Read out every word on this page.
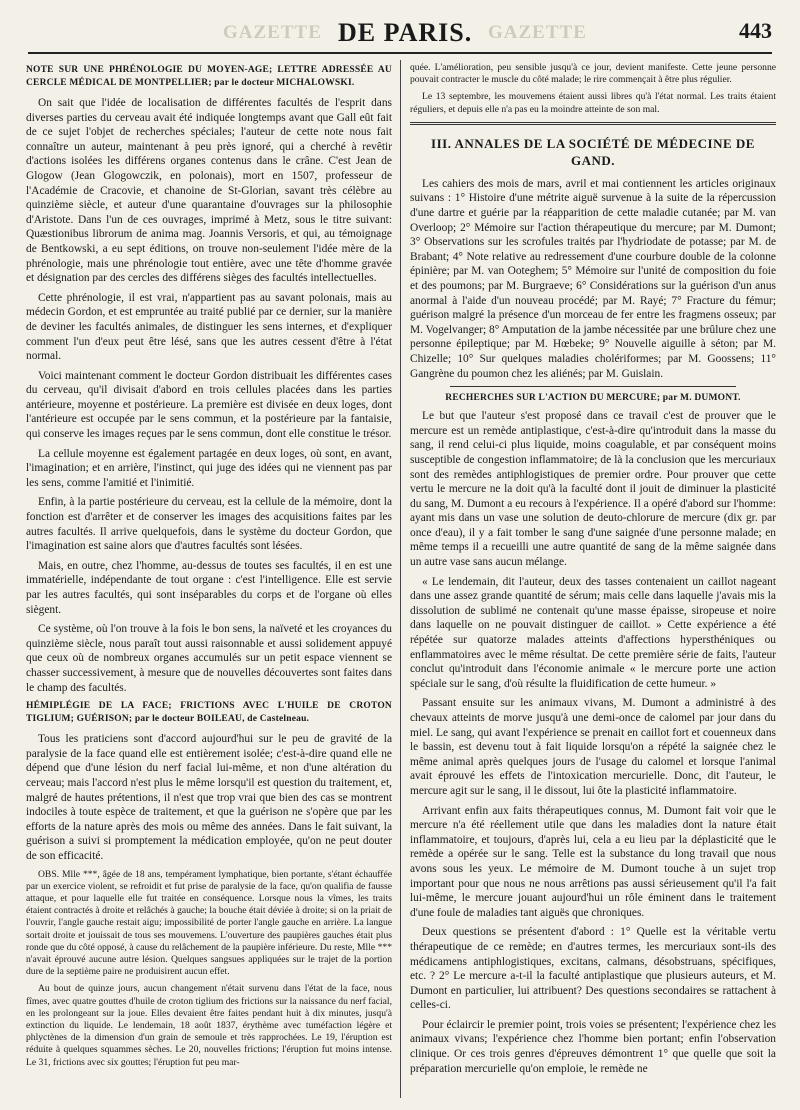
GAZETTE DE PARIS. GAZETTE	443
NOTE SUR UNE PHRÉNOLOGIE DU MOYEN-AGE; LETTRE ADRESSÉE AU CERCLE MÉDICAL DE MONTPELLIER; par le docteur MICHALOWSKI.

On sait que l'idée de localisation de différentes facultés de l'esprit dans diverses parties du cerveau avait été indiquée longtemps avant que Gall eût fait de ce sujet l'objet de recherches spéciales; l'auteur de cette note nous fait connaître un auteur, maintenant à peu près ignoré, qui a cherché à revêtir d'actions isolées les différens organes contenus dans le crâne. C'est Jean de Glogow (Jean Glogowczik, en polonais), mort en 1507, professeur de l'Académie de Cracovie, et chanoine de St-Glorian, savant très célèbre au quinzième siècle, et auteur d'une quarantaine d'ouvrages sur la philosophie d'Aristote. Dans l'un de ces ouvrages, imprimé à Metz, sous le titre suivant: Quæstionibus librorum de anima mag. Joannis Versoris, et qui, au témoignage de Bentkowski, a eu sept éditions, on trouve non-seulement l'idée mère de la phrénologie, mais une phrénologie tout entière, avec une tête d'homme gravée et désignation par des cercles des différens sièges des facultés intellectuelles.

Cette phrénologie, il est vrai, n'appartient pas au savant polonais, mais au médecin Gordon, et est empruntée au traité publié par ce dernier, sur la manière de deviner les facultés animales, de distinguer les sens internes, et d'expliquer comment l'un d'eux peut être lésé, sans que les autres cessent d'être à l'état normal.

Voici maintenant comment le docteur Gordon distribuait les différentes cases du cerveau, qu'il divisait d'abord en trois cellules placées dans les parties antérieure, moyenne et postérieure. La première est divisée en deux loges, dont l'antérieure est occupée par le sens commun, et la postérieure par la fantaisie, qui conserve les images reçues par le sens commun, dont elle constitue le trésor.

La cellule moyenne est également partagée en deux loges, où sont, en avant, l'imagination; et en arrière, l'instinct, qui juge des idées qui ne viennent pas par les sens, comme l'amitié et l'inimitié.

Enfin, à la partie postérieure du cerveau, est la cellule de la mémoire, dont la fonction est d'arrêter et de conserver les images des acquisitions faites par les autres facultés. Il arrive quelquefois, dans le système du docteur Gordon, que l'imagination est saine alors que d'autres facultés sont lésées.

Mais, en outre, chez l'homme, au-dessus de toutes ses facultés, il en est une immatérielle, indépendante de tout organe : c'est l'intelligence. Elle est servie par les autres facultés, qui sont inséparables du corps et de l'organe où elles siègent.

Ce système, où l'on trouve à la fois le bon sens, la naïveté et les croyances du quinzième siècle, nous paraît tout aussi raisonnable et aussi solidement appuyé que ceux où de nombreux organes accumulés sur un petit espace viennent se chasser successivement, à mesure que de nouvelles découvertes sont faites dans le champ des facultés.

HÉMIPLÉGIE DE LA FACE; FRICTIONS AVEC L'HUILE DE CROTON TIGLIUM; GUÉRISON; par le docteur BOILEAU, de Castelneau.

Tous les praticiens sont d'accord aujourd'hui sur le peu de gravité de la paralysie de la face quand elle est entièrement isolée; c'est-à-dire quand elle ne dépend que d'une lésion du nerf facial lui-même, et non d'une altération du cerveau; mais l'accord n'est plus le même lorsqu'il est question du traitement, et, malgré de hautes prétentions, il n'est que trop vrai que bien des cas se montrent indociles à toute espèce de traitement, et que la guérison ne s'opère que par les efforts de la nature après des mois ou même des années. Dans le fait suivant, la guérison a suivi si promptement la médication employée, qu'on ne peut douter de son efficacité.

OBS. Mlle ***, âgée de 18 ans, tempérament lymphatique, bien portante, s'étant échauffée par un exercice violent, se refroidit et fut prise de paralysie de la face, qu'on qualifia de fausse attaque, et pour laquelle elle fut traitée en conséquence. Lorsque nous la vîmes, les traits étaient contractés à droite et relâchés à gauche; la bouche était déviée à droite; si on la priait de l'ouvrir, l'angle gauche restait aigu; impossibilité de porter l'angle gauche en arrière. La langue sortait droite et jouissait de tous ses mouvemens. L'ouverture des paupières gauches était plus ronde que du côté opposé, à cause du relâchement de la paupière inférieure. Du reste, Mlle *** n'avait éprouvé aucune autre lésion. Quelques sangsues appliquées sur le trajet de la portion dure de la septième paire ne produisirent aucun effet.

Au bout de quinze jours, aucun changement n'était survenu dans l'état de la face, nous fîmes, avec quatre gouttes d'huile de croton tiglium des frictions sur la naissance du nerf facial, en les prolongeant sur la joue. Elles devaient être faites pendant huit à dix minutes, jusqu'à extinction du liquide. Le lendemain, 18 août 1837, érythème avec tuméfaction légère et phlyctènes de la dimension d'un grain de semoule et très rapprochées. Le 19, l'éruption est réduite à quelques squammes sèches. Le 20, nouvelles frictions; l'éruption fut moins intense. Le 31, frictions avec six gouttes; l'éruption fut peu mar-

quée. L'amélioration, peu sensible jusqu'à ce jour, devient manifeste. Cette jeune personne pouvait contracter le muscle du côté malade; le rire commençait à être plus régulier.

Le 13 septembre, les mouvemens étaient aussi libres qu'à l'état normal. Les traits étaient réguliers, et depuis elle n'a pas eu la moindre atteinte de son mal.

III. ANNALES DE LA SOCIÉTÉ DE MÉDECINE DE GAND.

Les cahiers des mois de mars, avril et mai contiennent les articles originaux suivans : 1° Histoire d'une métrite aiguë survenue à la suite de la répercussion d'une dartre et guérie par la réapparition de cette maladie cutanée; par M. van Overloop; 2° Mémoire sur l'action thérapeutique du mercure; par M. Dumont; 3° Observations sur les scrofules traités par l'hydriodate de potasse; par M. de Brabant; 4° Note relative au redressement d'une courbure double de la colonne épinière; par M. van Ooteghem; 5° Mémoire sur l'unité de composition du foie et des poumons; par M. Burgraeve; 6° Considérations sur la guérison d'un anus anormal à l'aide d'un nouveau procédé; par M. Rayé; 7° Fracture du fémur; guérison malgré la présence d'un morceau de fer entre les fragmens osseux; par M. Vogelvanger; 8° Amputation de la jambe nécessitée par une brûlure chez une personne épileptique; par M. Hœbeke; 9° Nouvelle aiguille à séton; par M. Chizelle; 10° Sur quelques maladies cholériformes; par M. Goossens; 11° Gangrène du poumon chez les aliénés; par M. Guislain.

RECHERCHES SUR L'ACTION DU MERCURE; par M. DUMONT.

Le but que l'auteur s'est proposé dans ce travail c'est de prouver que le mercure est un remède antiplastique, c'est-à-dire qu'introduit dans la masse du sang, il rend celui-ci plus liquide, moins coagulable, et par conséquent moins susceptible de congestion inflammatoire; de là la conclusion que les mercuriaux sont des remèdes antiphlogistiques de premier ordre. Pour prouver que cette vertu le mercure ne la doit qu'à la faculté dont il jouit de diminuer la plasticité du sang, M. Dumont a eu recours à l'expérience. Il a opéré d'abord sur l'homme: ayant mis dans un vase une solution de deuto-chlorure de mercure (dix gr. par once d'eau), il y a fait tomber le sang d'une saignée d'une personne malade; en même temps il a recueilli une autre quantité de sang de la même saignée dans un autre vase sans aucun mélange.

« Le lendemain, dit l'auteur, deux des tasses contenaient un caillot nageant dans une assez grande quantité de sérum; mais celle dans laquelle j'avais mis la dissolution de sublimé ne contenait qu'une masse épaisse, siropeuse et noire dans laquelle on ne pouvait distinguer de caillot. » Cette expérience a été répétée sur quatorze malades atteints d'affections hypersthéniques ou enflammatoires avec le même résultat. De cette première série de faits, l'auteur conclut qu'introduit dans l'économie animale « le mercure porte une action spéciale sur le sang, d'où résulte la fluidification de cette humeur. »

Passant ensuite sur les animaux vivans, M. Dumont a administré à des chevaux atteints de morve jusqu'à une demi-once de calomel par jour dans du miel. Le sang, qui avant l'expérience se prenait en caillot fort et couenneux dans le bassin, est devenu tout à fait liquide lorsqu'on a répété la saignée chez le même animal après quelques jours de l'usage du calomel et lorsque l'animal avait éprouvé les effets de l'intoxication mercurielle. Donc, dit l'auteur, le mercure agit sur le sang, il le dissout, lui ôte la plasticité inflammatoire.

Arrivant enfin aux faits thérapeutiques connus, M. Dumont fait voir que le mercure n'a été réellement utile que dans les maladies dont la nature était inflammatoire, et toujours, d'après lui, cela a eu lieu par la déplasticité que le remède a opérée sur le sang. Telle est la substance du long travail que nous avons sous les yeux. Le mémoire de M. Dumont touche à un sujet trop important pour que nous ne nous arrêtions pas aussi sérieusement qu'il l'a fait lui-même, le mercure jouant aujourd'hui un rôle éminent dans le traitement d'une foule de maladies tant aiguës que chroniques.

Deux questions se présentent d'abord : 1° Quelle est la véritable vertu thérapeutique de ce remède; en d'autres termes, les mercuriaux sont-ils des médicamens antiphlogistiques, excitans, calmans, désobstruans, spécifiques, etc. ? 2° Le mercure a-t-il la faculté antiplastique que plusieurs auteurs, et M. Dumont en particulier, lui attribuent? Des questions secondaires se rattachent à celles-ci.

Pour éclaircir le premier point, trois voies se présentent; l'expérience chez les animaux vivans; l'expérience chez l'homme bien portant; enfin l'observation clinique. Or ces trois genres d'épreuves démontrent 1° que quelle que soit la préparation mercurielle qu'on emploie, le remède ne
